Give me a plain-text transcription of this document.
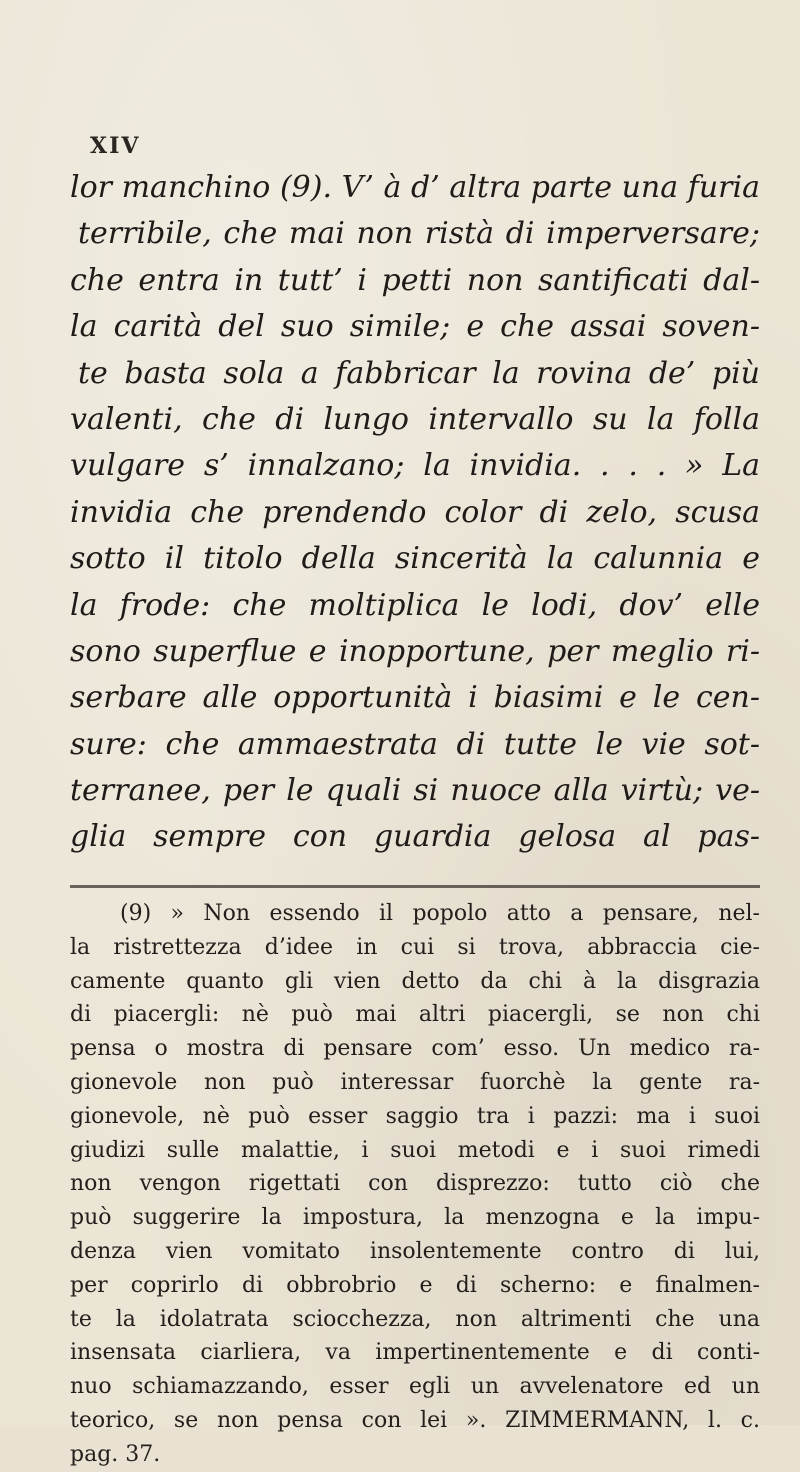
XIV
lor manchino (9). V’ à d’ altra parte una furia
terribile, che mai non ristà di imperversare;
che entra in tutt’ i petti non santificati dal-
la carità del suo simile; e che assai soven-
te basta sola a fabbricar la rovina de’ più
valenti, che di lungo intervallo su la folla
vulgare s’ innalzano; la invidia. . . . » La
invidia che prendendo color di zelo, scusa
sotto il titolo della sincerità la calunnia e
la frode: che moltiplica le lodi, dov’ elle
sono superflue e inopportune, per meglio ri-
serbare alle opportunità i biasimi e le cen-
sure: che ammaestrata di tutte le vie sot-
terranee, per le quali si nuoce alla virtù; ve-
glia sempre con guardia gelosa al pas-
(9) » Non essendo il popolo atto a pensare, nel-
la ristrettezza d’idee in cui si trova, abbraccia cie-
camente quanto gli vien detto da chi à la disgrazia
di piacergli: nè può mai altri piacergli, se non chi
pensa o mostra di pensare com’ esso. Un medico ra-
gionevole non può interessar fuorchè la gente ra-
gionevole, nè può esser saggio tra i pazzi: ma i suoi
giudizi sulle malattie, i suoi metodi e i suoi rimedi
non vengon rigettati con disprezzo: tutto ciò che
può suggerire la impostura, la menzogna e la impu-
denza vien vomitato insolentemente contro di lui,
per coprirlo di obbrobrio e di scherno: e finalmen-
te la idolatrata sciocchezza, non altrimenti che una
insensata ciarliera, va impertinentemente e di conti-
nuo schiamazzando, esser egli un avvelenatore ed un
teorico, se non pensa con lei ». ZIMMERMANN, l. c.
pag. 37.
